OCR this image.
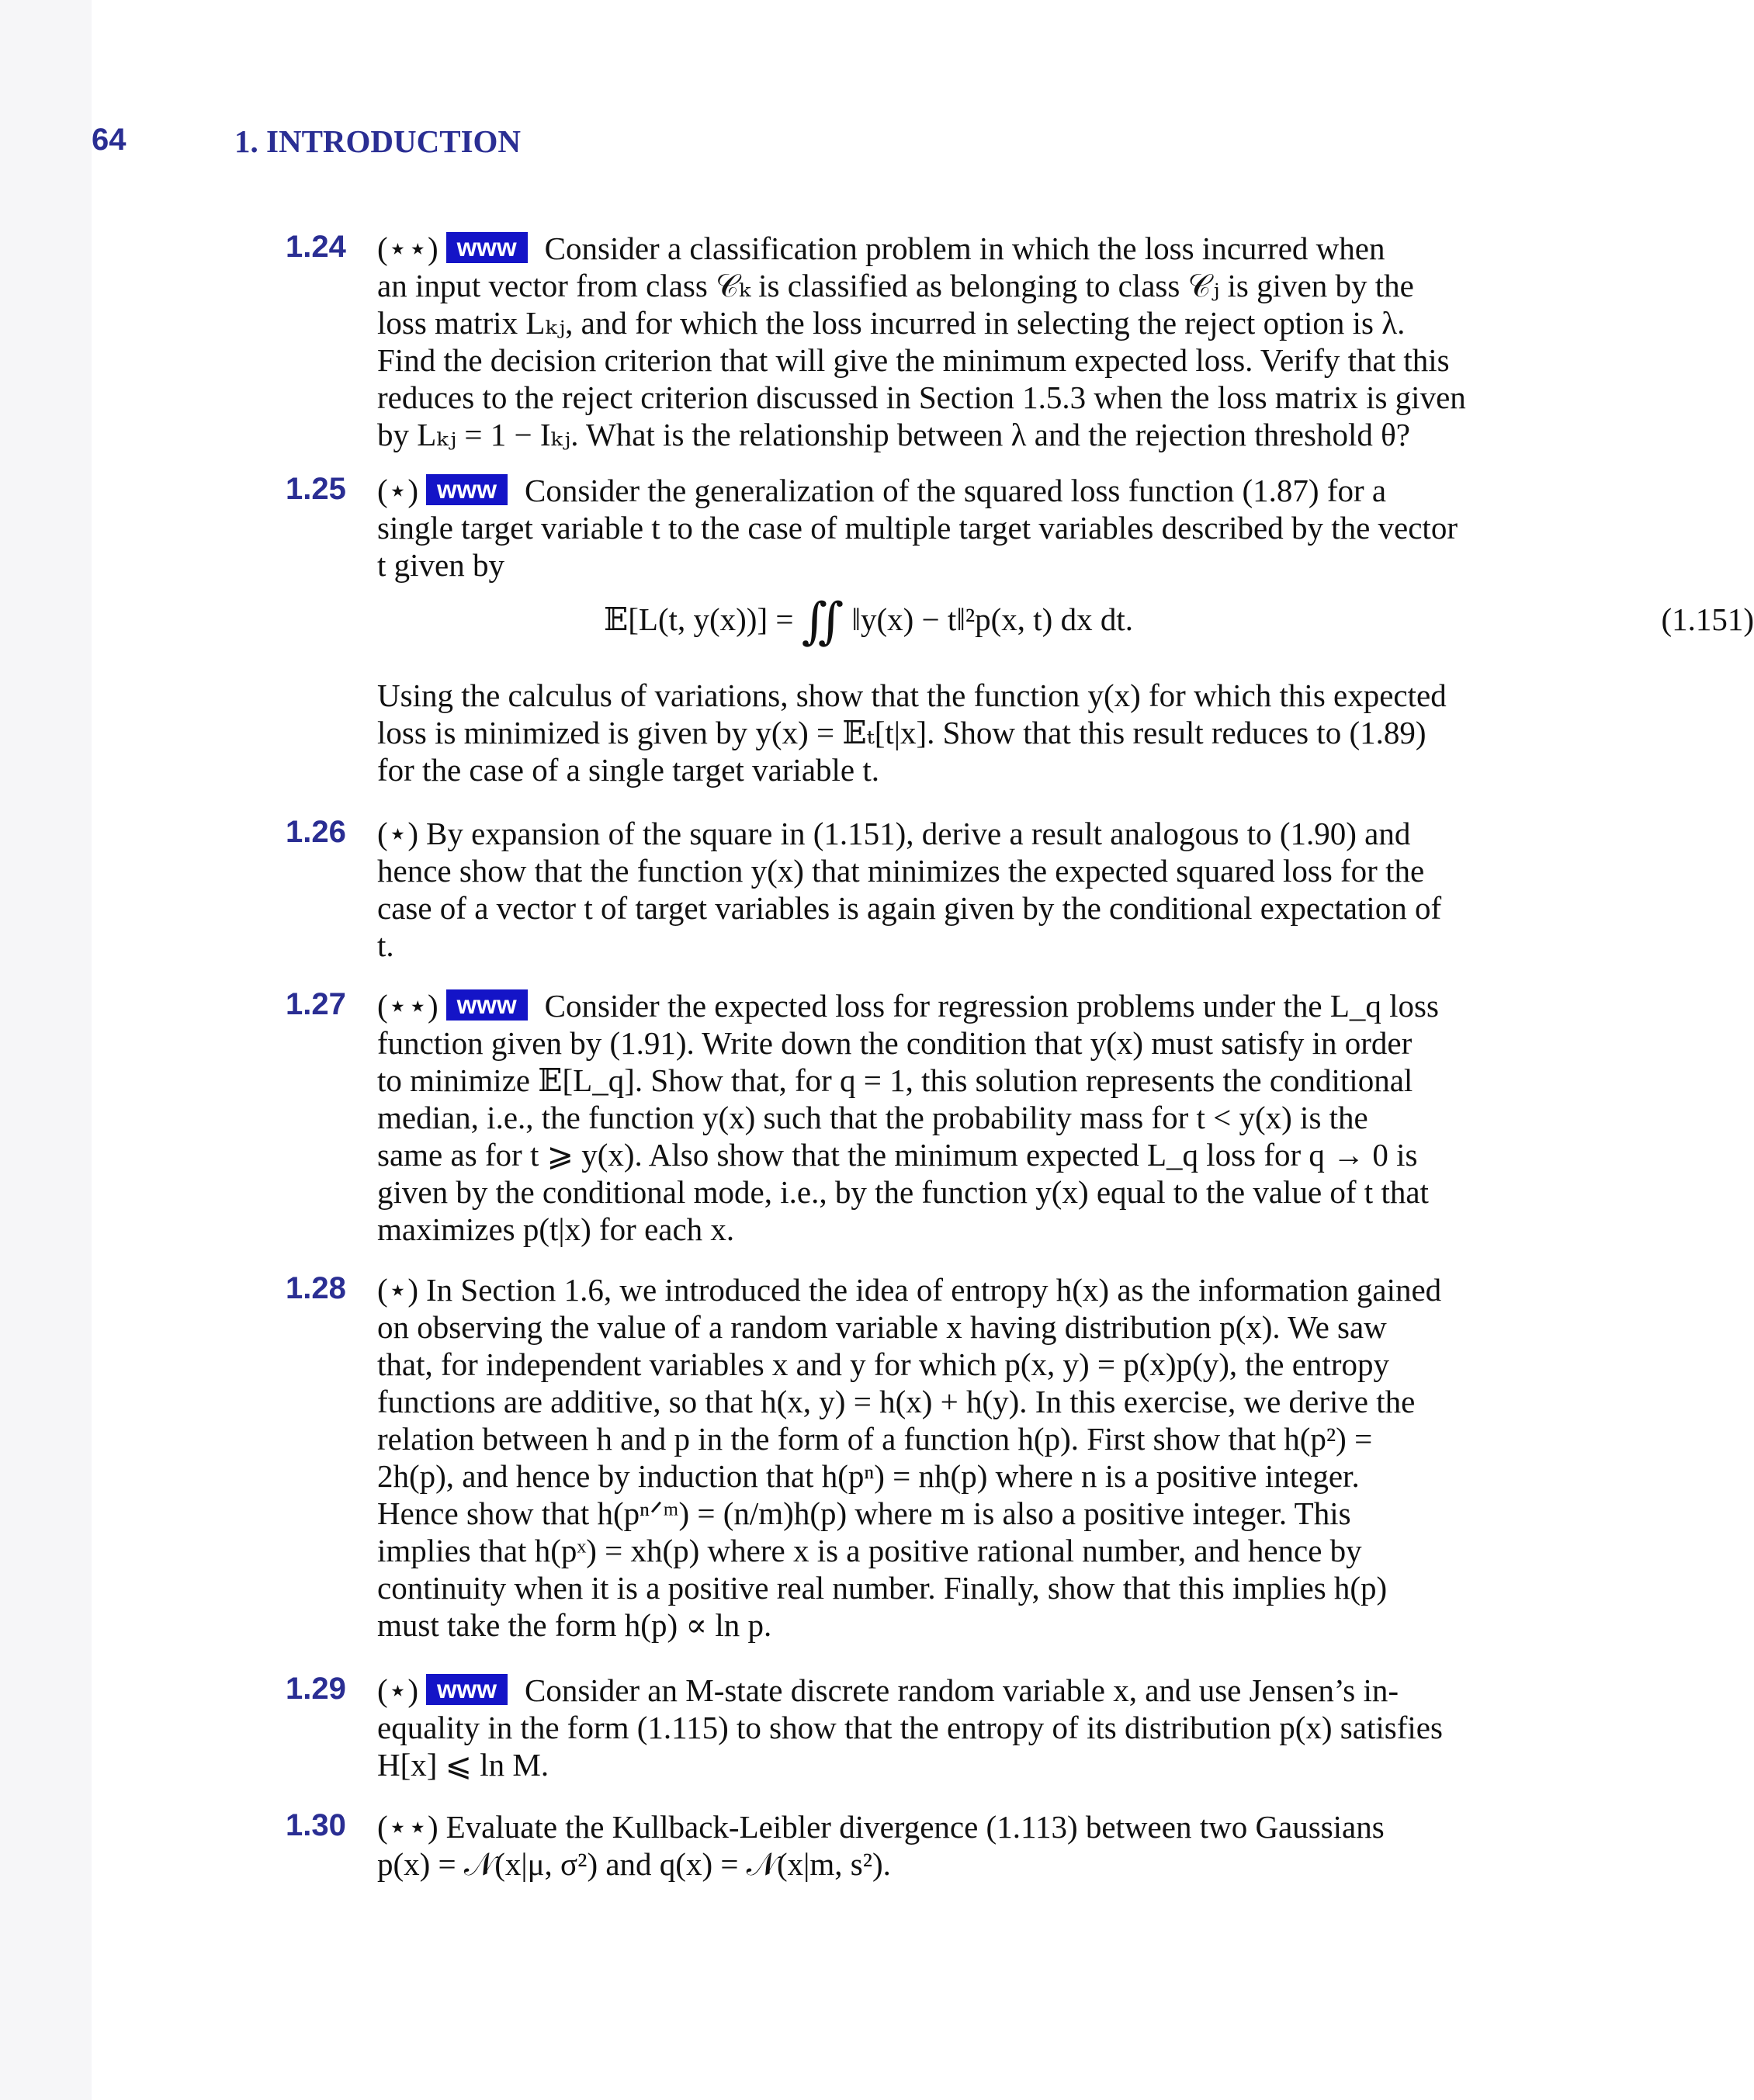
64	1. INTRODUCTION
1.24 (⋆⋆) www Consider a classification problem in which the loss incurred when
an input vector from class 𝒞ₖ is classified as belonging to class 𝒞ⱼ is given by the
loss matrix Lₖⱼ, and for which the loss incurred in selecting the reject option is λ.
Find the decision criterion that will give the minimum expected loss. Verify that this
reduces to the reject criterion discussed in Section 1.5.3 when the loss matrix is given
by Lₖⱼ = 1 − Iₖⱼ. What is the relationship between λ and the rejection threshold θ?
1.25 (⋆) www Consider the generalization of the squared loss function (1.87) for a
single target variable t to the case of multiple target variables described by the vector
t given by
𝔼[L(t, y(x))] = ∬ ‖y(x) − t‖²p(x, t) dx dt.	(1.151)
Using the calculus of variations, show that the function y(x) for which this expected
loss is minimized is given by y(x) = 𝔼ₜ[t|x]. Show that this result reduces to (1.89)
for the case of a single target variable t.
1.26 (⋆) By expansion of the square in (1.151), derive a result analogous to (1.90) and
hence show that the function y(x) that minimizes the expected squared loss for the
case of a vector t of target variables is again given by the conditional expectation of
t.
1.27 (⋆⋆) www Consider the expected loss for regression problems under the L_q loss
function given by (1.91). Write down the condition that y(x) must satisfy in order
to minimize 𝔼[L_q]. Show that, for q = 1, this solution represents the conditional
median, i.e., the function y(x) such that the probability mass for t < y(x) is the
same as for t ⩾ y(x). Also show that the minimum expected L_q loss for q → 0 is
given by the conditional mode, i.e., by the function y(x) equal to the value of t that
maximizes p(t|x) for each x.
1.28 (⋆) In Section 1.6, we introduced the idea of entropy h(x) as the information gained
on observing the value of a random variable x having distribution p(x). We saw
that, for independent variables x and y for which p(x, y) = p(x)p(y), the entropy
functions are additive, so that h(x, y) = h(x) + h(y). In this exercise, we derive the
relation between h and p in the form of a function h(p). First show that h(p²) =
2h(p), and hence by induction that h(pⁿ) = nh(p) where n is a positive integer.
Hence show that h(pⁿᐟᵐ) = (n/m)h(p) where m is also a positive integer. This
implies that h(pˣ) = xh(p) where x is a positive rational number, and hence by
continuity when it is a positive real number. Finally, show that this implies h(p)
must take the form h(p) ∝ ln p.
1.29 (⋆) www Consider an M-state discrete random variable x, and use Jensen’s in-
equality in the form (1.115) to show that the entropy of its distribution p(x) satisfies
H[x] ⩽ ln M.
1.30 (⋆⋆) Evaluate the Kullback-Leibler divergence (1.113) between two Gaussians
p(x) = 𝒩(x|μ, σ²) and q(x) = 𝒩(x|m, s²).
